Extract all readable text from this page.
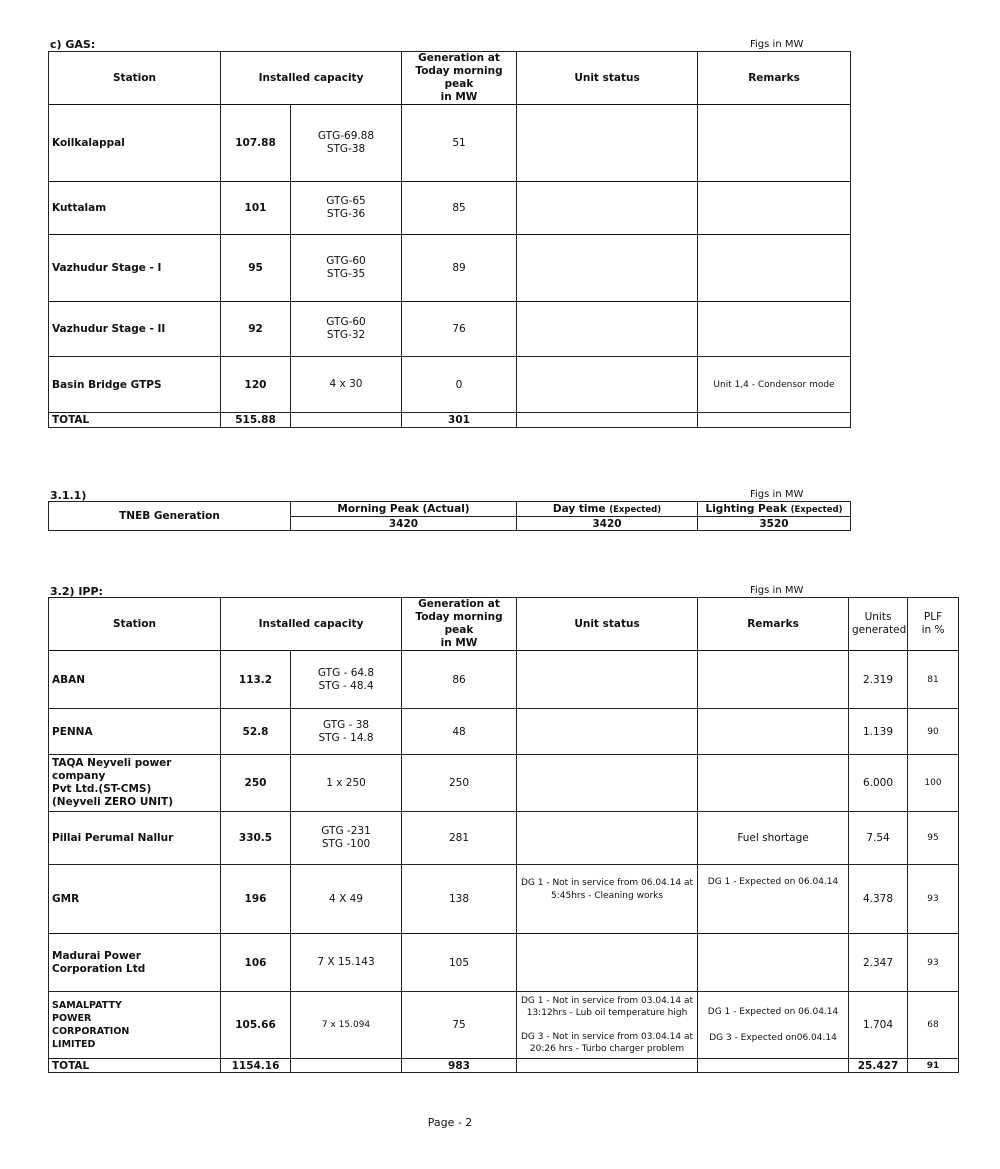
c) GAS:	Figs in MW
Station	Installed capacity		Generation at
Today morning
peak
in MW	Unit status	Remarks
Koilkalappal	107.88	GTG-69.88
STG-38	51		
Kuttalam	101	GTG-65
STG-36	85		
Vazhudur Stage - I	95	GTG-60
STG-35	89		
Vazhudur Stage - II	92	GTG-60
STG-32	76		
Basin Bridge GTPS	120	4 x 30	0		Unit 1,4 - Condensor mode
TOTAL	515.88		301		
3.1.1)	Figs in MW
TNEB Generation	Morning Peak (Actual)	Day time (Expected)	Lighting Peak (Expected)
	3420	3420	3520
3.2) IPP:	Figs in MW
Station	Installed capacity		Generation at
Today morning peak
in MW	Unit status	Remarks	Units
generated	PLF
in %
ABAN	113.2	GTG - 64.8
STG - 48.4	86			2.319	81
PENNA	52.8	GTG - 38
STG - 14.8	48			1.139	90
TAQA Neyveli power company
Pvt Ltd.(ST-CMS)
(Neyveli ZERO UNIT)	250	1 x 250	250			6.000	100
Pillai Perumal Nallur	330.5	GTG -231
STG -100	281		Fuel shortage	7.54	95
GMR	196	4 X 49	138	DG 1 - Not in service from 06.04.14 at
5:45hrs - Cleaning works	DG 1 - Expected on 06.04.14	4.378	93
Madurai Power
Corporation Ltd	106	7 X 15.143	105			2.347	93
SAMALPATTY
POWER
CORPORATION
LIMITED	105.66	7 x 15.094	75	DG 1 - Not in service from 03.04.14 at
13:12hrs - Lub oil temperature high

DG 3 - Not in service from 03.04.14 at
20:26 hrs - Turbo charger problem	DG 1 - Expected on 06.04.14

DG 3 - Expected on06.04.14	1.704	68
TOTAL	1154.16		983			25.427	91
Page - 2
